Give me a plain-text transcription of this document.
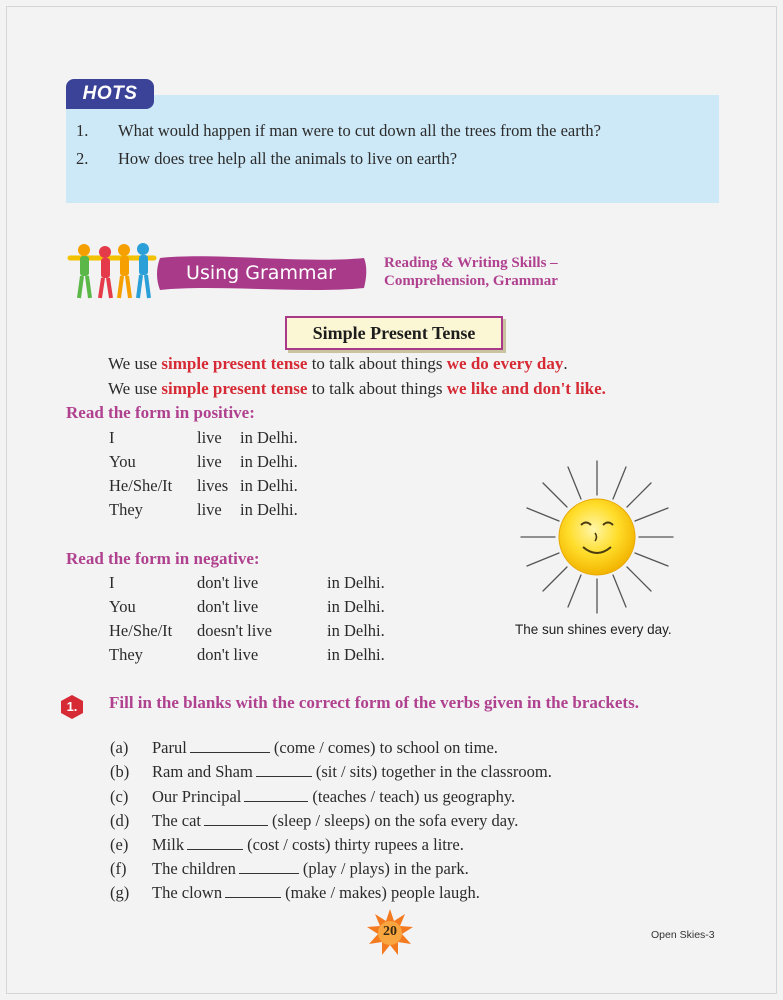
HOTS
1. What would happen if man were to cut down all the trees from the earth?
2. How does tree help all the animals to live on earth?
Using Grammar	Reading & Writing Skills –
Comprehension, Grammar
Simple Present Tense
We use simple present tense to talk about things we do every day.
We use simple present tense to talk about things we like and don't like.
Read the form in positive:
I	live in Delhi.
You	live in Delhi.
He/She/It lives in Delhi.
They	live in Delhi.
Read the form in negative:
I	don't live	in Delhi.
You	don't live	in Delhi.
He/She/It doesn't live	in Delhi.
They	don't live	in Delhi.
The sun shines every day.
1.	Fill in the blanks with the correct form of the verbs given in the brackets.
(a) Parul	(come / comes) to school on time.
(b) Ram and Sham	(sit / sits) together in the classroom.
(c) Our Principal	(teaches / teach) us geography.
(d) The cat	(sleep / sleeps) on the sofa every day.
(e) Milk	(cost / costs) thirty rupees a litre.
(f) The children	(play / plays) in the park.
(g) The clown	(make / makes) people laugh.
20	Open Skies-3
